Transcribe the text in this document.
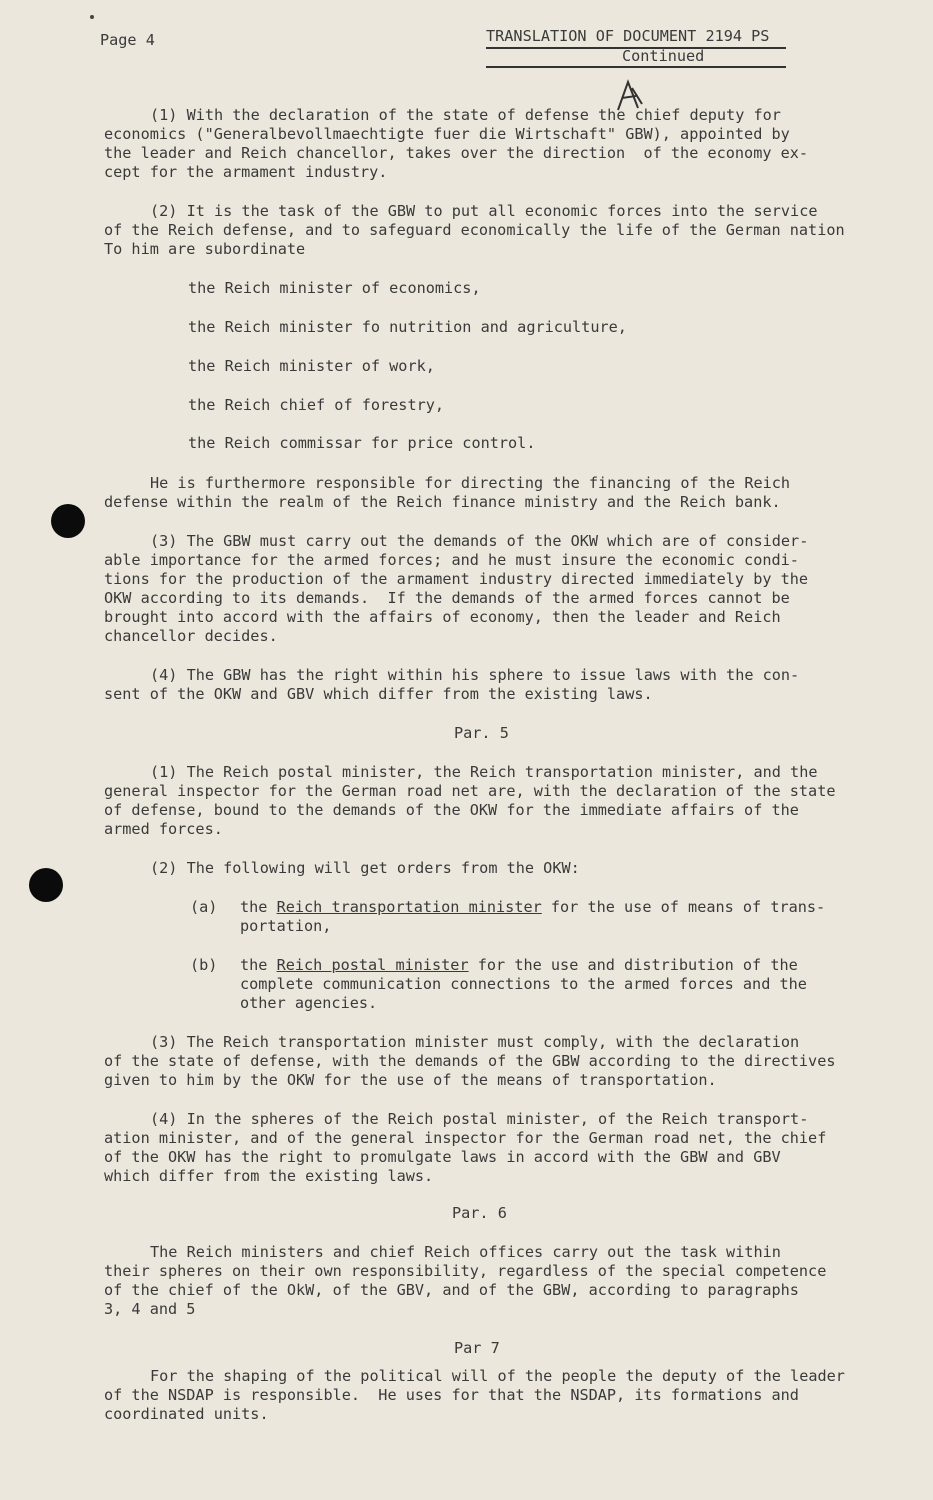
Page 4	TRANSLATION OF DOCUMENT 2194 PS
Continued
(1) With the declaration of the state of defense the chief deputy for
economics ("Generalbevollmaechtigte fuer die Wirtschaft" GBW), appointed by
the leader and Reich chancellor, takes over the direction  of the economy ex-
cept for the armament industry.
(2) It is the task of the GBW to put all economic forces into the service
of the Reich defense, and to safeguard economically the life of the German nation
To him are subordinate
the Reich minister of economics,
the Reich minister fo nutrition and agriculture,
the Reich minister of work,
the Reich chief of forestry,
the Reich commissar for price control.
He is furthermore responsible for directing the financing of the Reich
defense within the realm of the Reich finance ministry and the Reich bank.
(3) The GBW must carry out the demands of the OKW which are of consider-
able importance for the armed forces; and he must insure the economic condi-
tions for the production of the armament industry directed immediately by the
OKW according to its demands.  If the demands of the armed forces cannot be
brought into accord with the affairs of economy, then the leader and Reich
chancellor decides.
(4) The GBW has the right within his sphere to issue laws with the con-
sent of the OKW and GBV which differ from the existing laws.
Par. 5
(1) The Reich postal minister, the Reich transportation minister, and the
general inspector for the German road net are, with the declaration of the state
of defense, bound to the demands of the OKW for the immediate affairs of the
armed forces.
(2) The following will get orders from the OKW:
(a) the Reich transportation minister for the use of means of trans-
portation,
(b) the Reich postal minister for the use and distribution of the
complete communication connections to the armed forces and the
other agencies.
(3) The Reich transportation minister must comply, with the declaration
of the state of defense, with the demands of the GBW according to the directives
given to him by the OKW for the use of the means of transportation.
(4) In the spheres of the Reich postal minister, of the Reich transport-
ation minister, and of the general inspector for the German road net, the chief
of the OKW has the right to promulgate laws in accord with the GBW and GBV
which differ from the existing laws.
Par. 6
The Reich ministers and chief Reich offices carry out the task within
their spheres on their own responsibility, regardless of the special competence
of the chief of the OkW, of the GBV, and of the GBW, according to paragraphs
3, 4 and 5
Par 7
For the shaping of the political will of the people the deputy of the leader
of the NSDAP is responsible.  He uses for that the NSDAP, its formations and
coordinated units.
